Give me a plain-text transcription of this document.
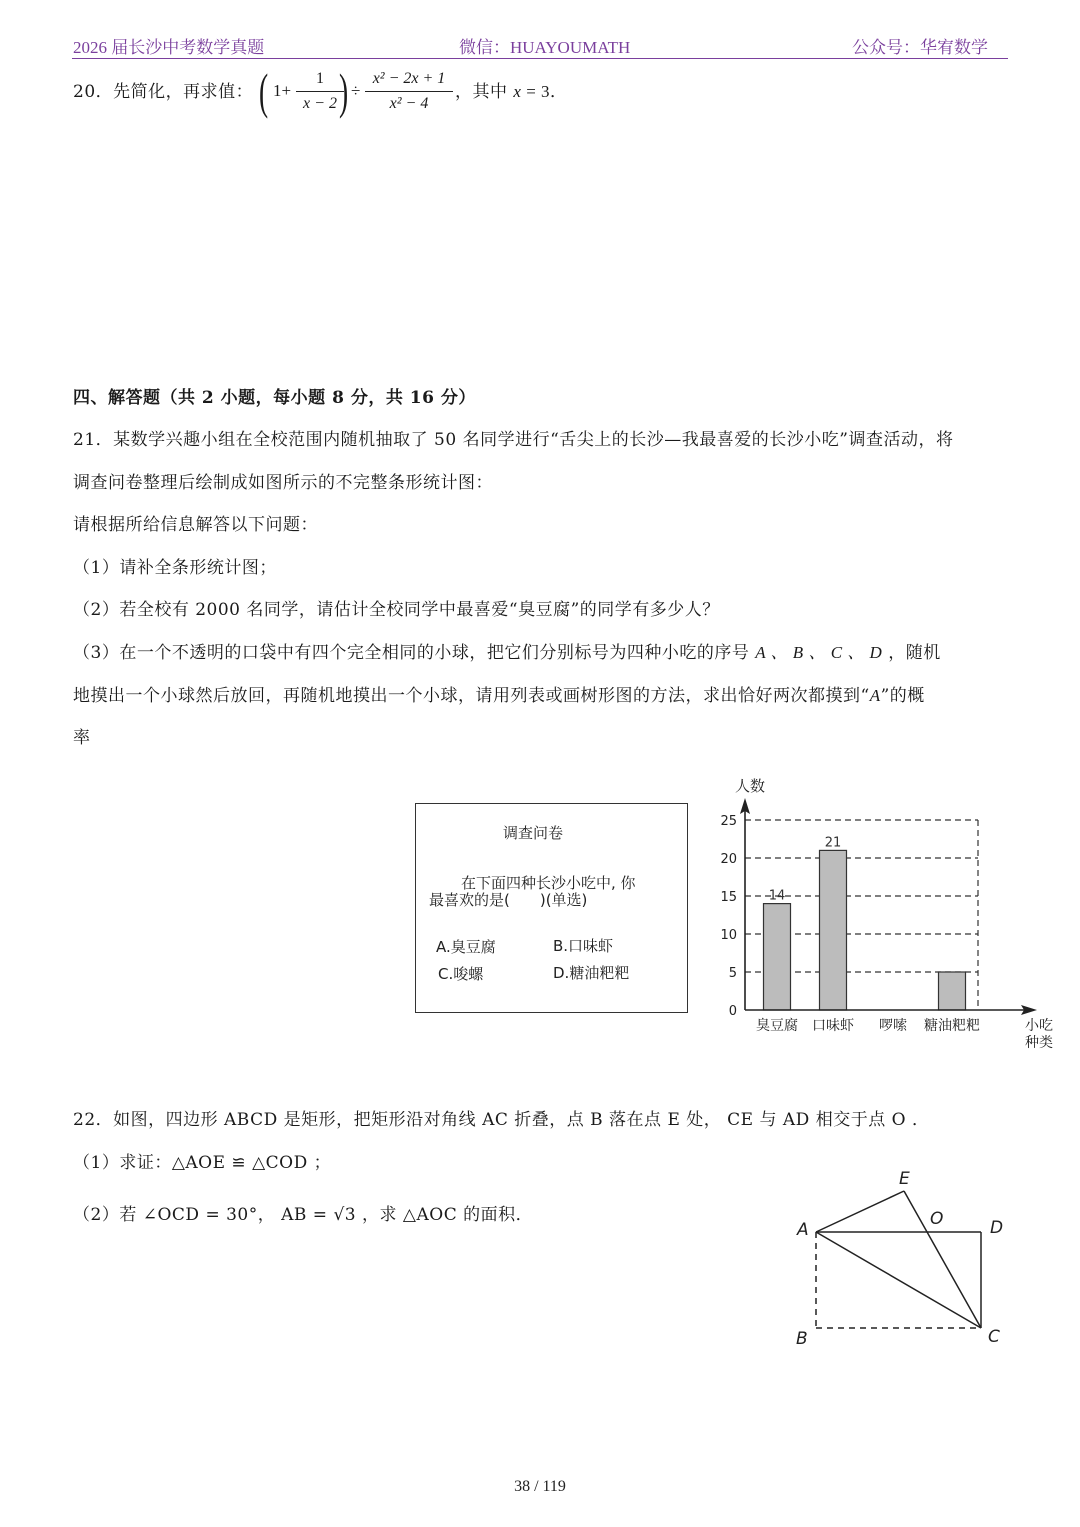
2026 届长沙中考数学真题	微信：HUAYOUMATH	公众号：华宥数学
20．先简化，再求值： ( 1+
1
x − 2 ) ÷
x² − 2x + 1
x² − 4
，其中 x = 3．
四、解答题（共 2 小题，每小题 8 分，共 16 分）
21．某数学兴趣小组在全校范围内随机抽取了 50 名同学进行“舌尖上的长沙—我最喜爱的长沙小吃”调查活动，将
调查问卷整理后绘制成如图所示的不完整条形统计图：
请根据所给信息解答以下问题：
（1）请补全条形统计图；
（2）若全校有 2000 名同学，请估计全校同学中最喜爱“臭豆腐”的同学有多少人？
（3）在一个不透明的口袋中有四个完全相同的小球，把它们分别标号为四种小吃的序号 A 、 B 、 C 、 D ，随机
地摸出一个小球然后放回，再随机地摸出一个小球，请用列表或画树形图的方法，求出恰好两次都摸到“A”的概
率
调查问卷
在下面四种长沙小吃中, 你
最喜欢的是(　　)(单选)
A.臭豆腐	B.口味虾
C.唆螺	D.糖油粑粑
人数
14
21
0
5
10
15
20
25
臭豆腐 口味虾 啰嗦 糖油粑粑	小吃
种类
22．如图，四边形 ABCD 是矩形，把矩形沿对角线 AC 折叠，点 B 落在点 E 处， CE 与 AD 相交于点 O ．
（1）求证：△AOE ≌ △COD ；
（2）若 ∠OCD = 30°， AB = √3 ，求 △AOC 的面积．
E
O
A	D
B	C
38 / 119
